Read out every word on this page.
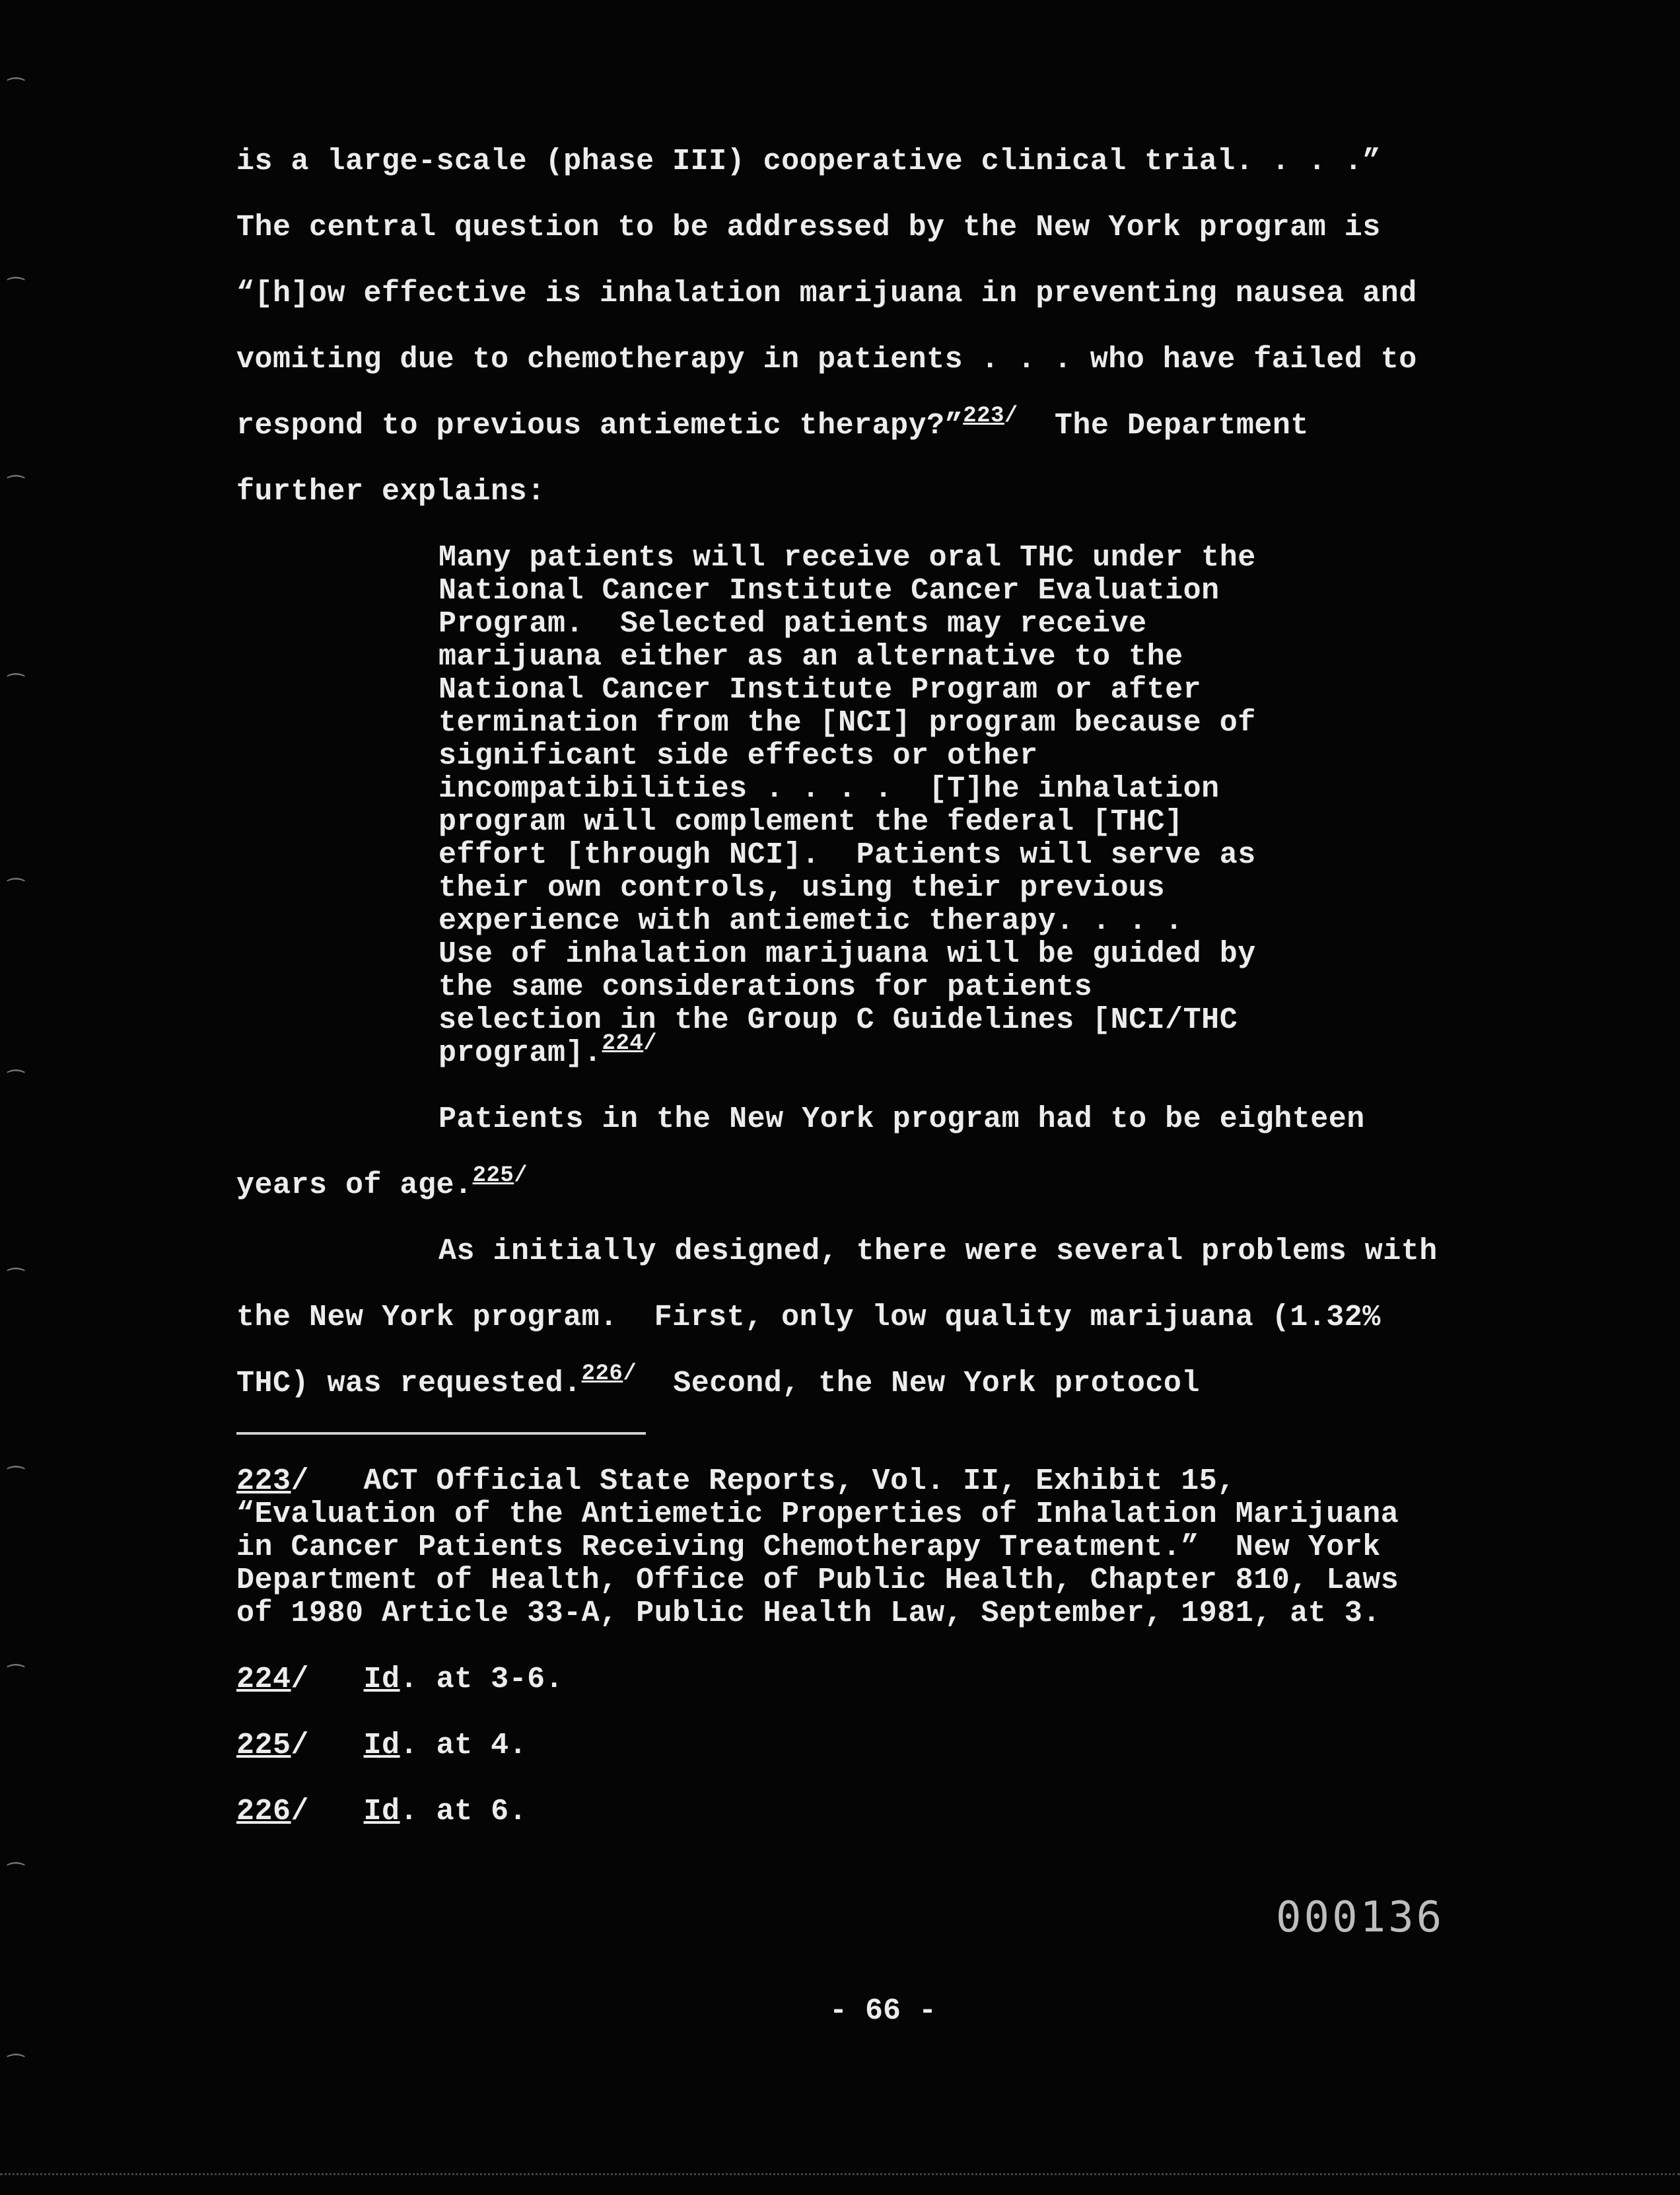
⁀
⁀
⁀
⁀
⁀
⁀
⁀
⁀
⁀
⁀
⁀
is a large-scale (phase III) cooperative clinical trial. . . .”
The central question to be addressed by the New York program is
“[h]ow effective is inhalation marijuana in preventing nausea and
vomiting due to chemotherapy in patients . . . who have failed to
respond to previous antiemetic therapy?”$^{223/}$  The Department
further explains:
Many patients will receive oral THC under the
National Cancer Institute Cancer Evaluation
Program.  Selected patients may receive
marijuana either as an alternative to the
National Cancer Institute Program or after
termination from the [NCI] program because of
significant side effects or other
incompatibilities . . . .  [T]he inhalation
program will complement the federal [THC]
effort [through NCI].  Patients will serve as
their own controls, using their previous
experience with antiemetic therapy. . . .
Use of inhalation marijuana will be guided by
the same considerations for patients
selection in the Group C Guidelines [NCI/THC
program].$^{224/}$
Patients in the New York program had to be eighteen
years of age.$^{225/}$
As initially designed, there were several problems with
the New York program.  First, only low quality marijuana (1.32%
THC) was requested.$^{226/}$  Second, the New York protocol
223/   ACT Official State Reports, Vol. II, Exhibit 15,
“Evaluation of the Antiemetic Properties of Inhalation Marijuana
in Cancer Patients Receiving Chemotherapy Treatment.”  New York
Department of Health, Office of Public Health, Chapter 810, Laws
of 1980 Article 33-A, Public Health Law, September, 1981, at 3.
224/ Id. at 3-6.
225/ Id. at 4.
226/ Id. at 6.
000136
- 66 -
